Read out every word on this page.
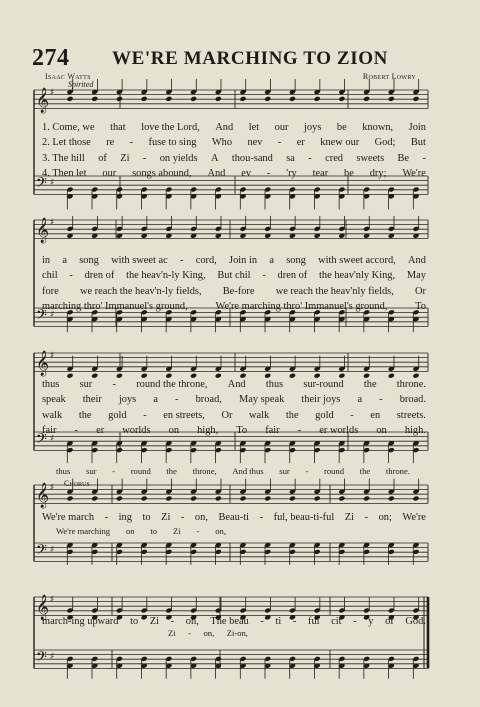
274 WE'RE MARCHING TO ZION
Isaac Watts	Robert Lowry
Spirited
Chorus
𝄞 ♯
𝄢 ♯
𝄞 ♯
𝄢 ♯
𝄞 ♯
𝄢 ♯
𝄞 ♯
𝄢 ♯
𝄞 ♯
𝄢 ♯
1. Come, we that love the Lord, And let our joys be known, Join
2. Let those re - fuse to sing Who nev - er knew our God; But
3. The hill of Zi - on yields A thou-sand sa - cred sweets Be -
4. Then let our songs abound, And ev - 'ry tear be dry; We're
in a song with sweet ac - cord, Join in a song with sweet accord, And
chil - dren of the heav'n-ly King, But chil - dren of the heav'nly King, May
fore we reach the heav'n-ly fields, Be-fore we reach the heav'nly fields, Or
marching thro' Immanuel's ground,	We're marching thro' Immanuel's ground,	To
thus sur - round the throne, And thus sur-round the throne.
speak their joys a - broad, May speak their joys a - broad.
walk the gold - en streets, Or walk the gold - en streets.
fair - er worlds on high, To fair - er worlds on high.
thus sur - round the throne, And thus sur - round the throne.
We're march - ing to Zi - on, Beau-ti - ful, beau-ti-ful Zi - on; We're
We're marching on to Zi - on,
march-ing upward to Zi - on, The beau - ti - ful cit - y of God.
Zi - on, Zi-on,
